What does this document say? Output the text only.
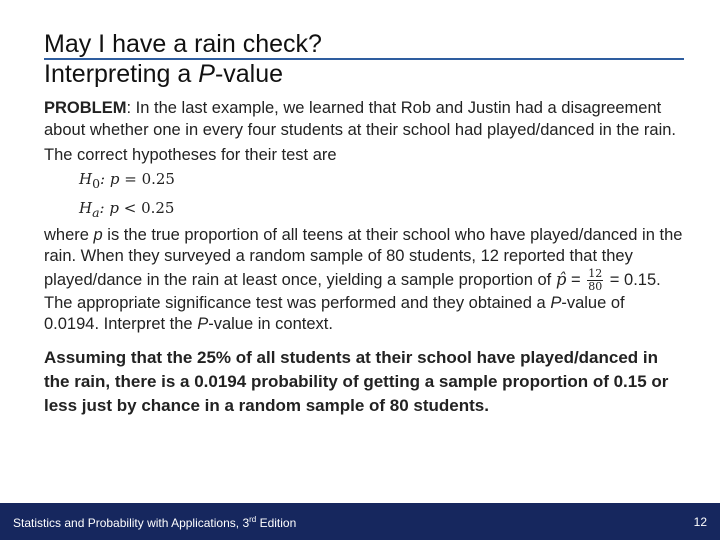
May I have a rain check?
Interpreting a P-value

PROBLEM: In the last example, we learned that Rob and Justin had a disagreement about whether one in every four students at their school had played/danced in the rain.

The correct hypotheses for their test are

$H_0$: p = 0.25
$H_a$: p < 0.25

where p is the true proportion of all teens at their school who have played/danced in the rain. When they surveyed a random sample of 80 students, 12 reported that they played/dance in the rain at least once, yielding a sample proportion of p̂ = $\frac{12}{80} = 0.15$. The appropriate significance test was performed and they obtained a P-value of 0.0194. Interpret the P-value in context.

Assuming that the 25% of all students at their school have played/danced in the rain, there is a 0.0194 probability of getting a sample proportion of 0.15 or less just by chance in a random sample of 80 students.

Statistics and Probability with Applications, 3rd Edition	12
